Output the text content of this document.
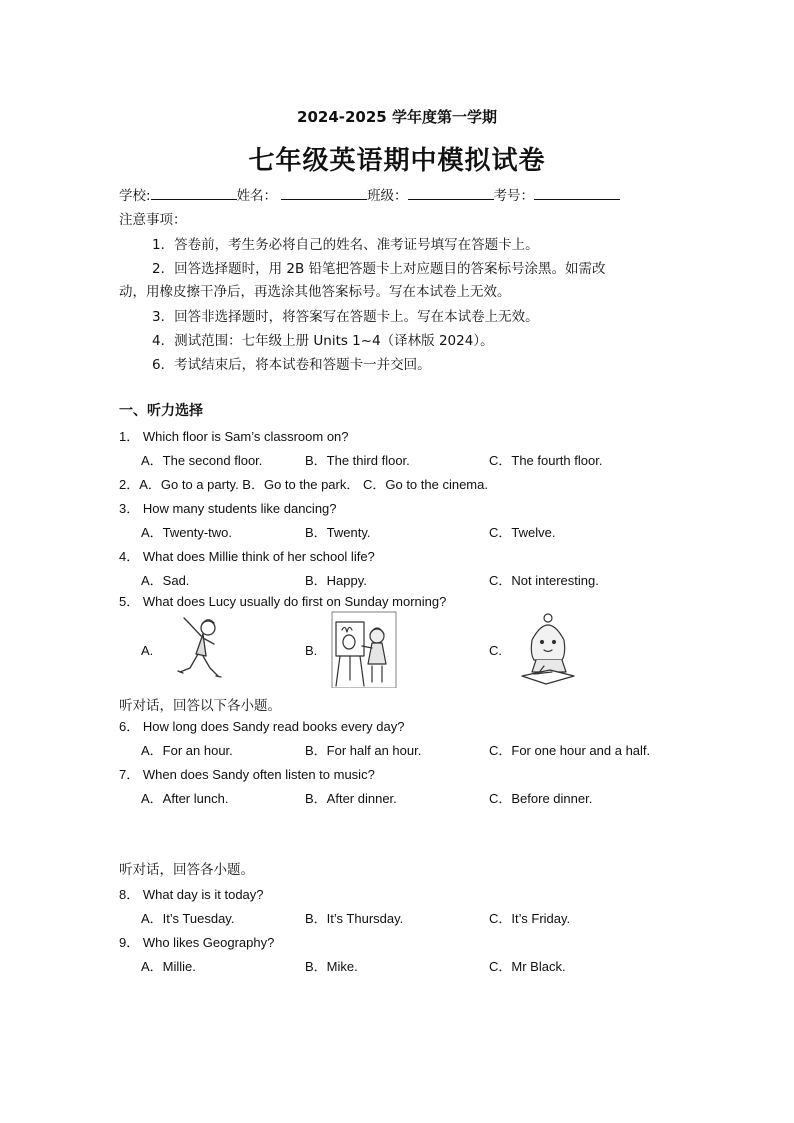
2024-2025 学年度第一学期
七年级英语期中模拟试卷
学校:	姓名：	班级：	考号：
注意事项：
1．答卷前，考生务必将自己的姓名、准考证号填写在答题卡上。
2．回答选择题时，用 2B 铅笔把答题卡上对应题目的答案标号涂黑。如需改
动，用橡皮擦干净后，再选涂其他答案标号。写在本试卷上无效。
3．回答非选择题时，将答案写在答题卡上。写在本试卷上无效。
4．测试范围：七年级上册 Units 1~4（译林版 2024）。
6．考试结束后，将本试卷和答题卡一并交回。
一、听力选择
1． Which floor is Sam’s classroom on?
A．The second floor.	B．The third floor.	C．The fourth floor.
2．A．Go to a party. B．Go to the park． C．Go to the cinema.
3． How many students like dancing?
A．Twenty-two.	B．Twenty.	C．Twelve.
4． What does Millie think of her school life?
A．Sad.	B．Happy.	C．Not interesting.
5． What does Lucy usually do first on Sunday morning?
A.	B.	C.
听对话，回答以下各小题。
6． How long does Sandy read books every day?
A．For an hour.	B．For half an hour.	C．For one hour and a half.
7． When does Sandy often listen to music?
A．After lunch.	B．After dinner.	C．Before dinner.
听对话，回答各小题。
8． What day is it today?
A．It’s Tuesday.	B．It’s Thursday.	C．It’s Friday.
9． Who likes Geography?
A．Millie.	B．Mike.	C．Mr Black.
